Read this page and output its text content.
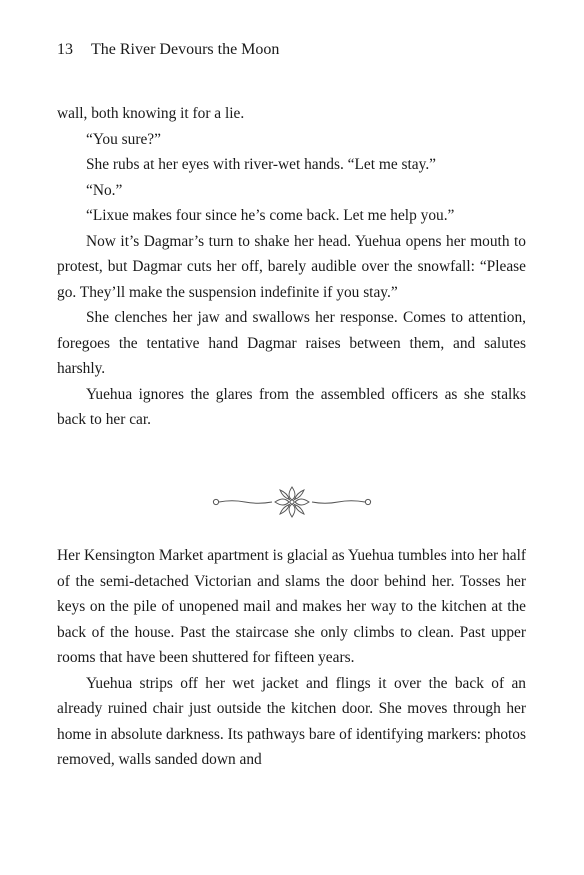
13 The River Devours the Moon

wall, both knowing it for a lie.

“You sure?”

She rubs at her eyes with river-wet hands. “Let me stay.”

“No.”

“Lixue makes four since he’s come back. Let me help you.”

Now it’s Dagmar’s turn to shake her head. Yuehua opens her mouth to protest, but Dagmar cuts her off, barely audible over the snowfall: “Please go. They’ll make the suspension indefinite if you stay.”

She clenches her jaw and swallows her response. Comes to attention, foregoes the tentative hand Dagmar raises between them, and salutes harshly.

Yuehua ignores the glares from the assembled officers as she stalks back to her car.

Her Kensington Market apartment is glacial as Yuehua tumbles into her half of the semi-detached Victorian and slams the door behind her. Tosses her keys on the pile of unopened mail and makes her way to the kitchen at the back of the house. Past the staircase she only climbs to clean. Past upper rooms that have been shuttered for fifteen years.

Yuehua strips off her wet jacket and flings it over the back of an already ruined chair just outside the kitchen door. She moves through her home in absolute darkness. Its pathways bare of identifying markers: photos removed, walls sanded down and
